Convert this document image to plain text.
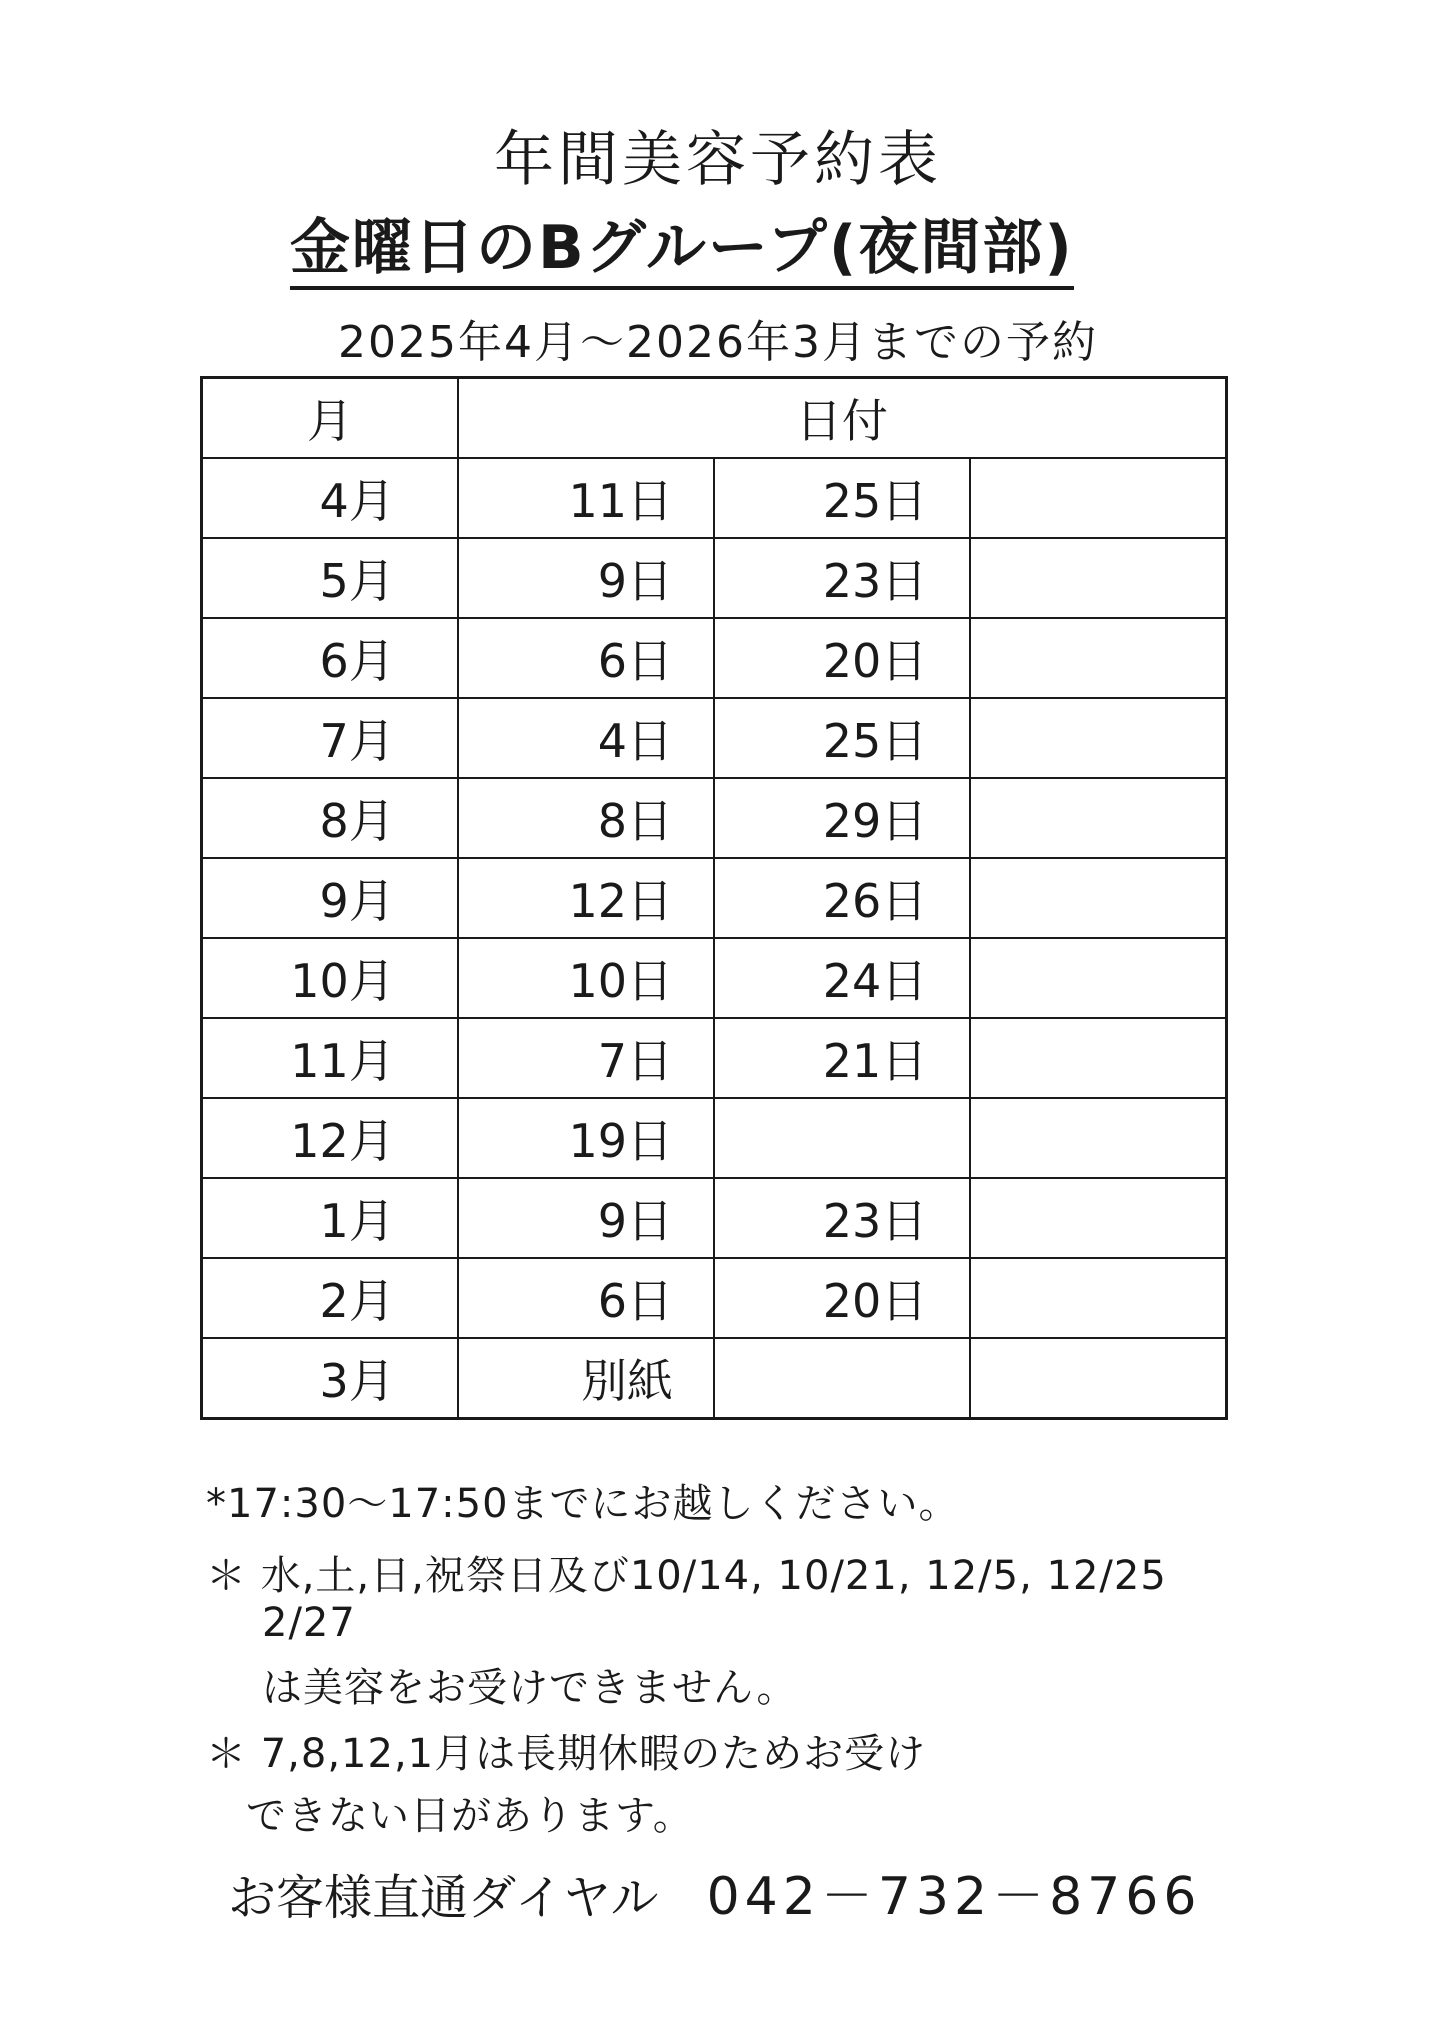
年間美容予約表
金曜日のBグループ(夜間部)
2025年4月～2026年3月までの予約
月	日付		
4月	11日	25日	
5月	9日	23日	
6月	6日	20日	
7月	4日	25日	
8月	8日	29日	
9月	12日	26日	
10月	10日	24日	
11月	7日	21日	
12月	19日		
1月	9日	23日	
2月	6日	20日	
3月	別紙		
*17:30～17:50までにお越しください。
＊ 水,土,日,祝祭日及び10/14, 10/21, 12/5, 12/25
2/27
は美容をお受けできません。
＊ 7,8,12,1月は長期休暇のためお受け
できない日があります。
お客様直通ダイヤル 042－732－8766
